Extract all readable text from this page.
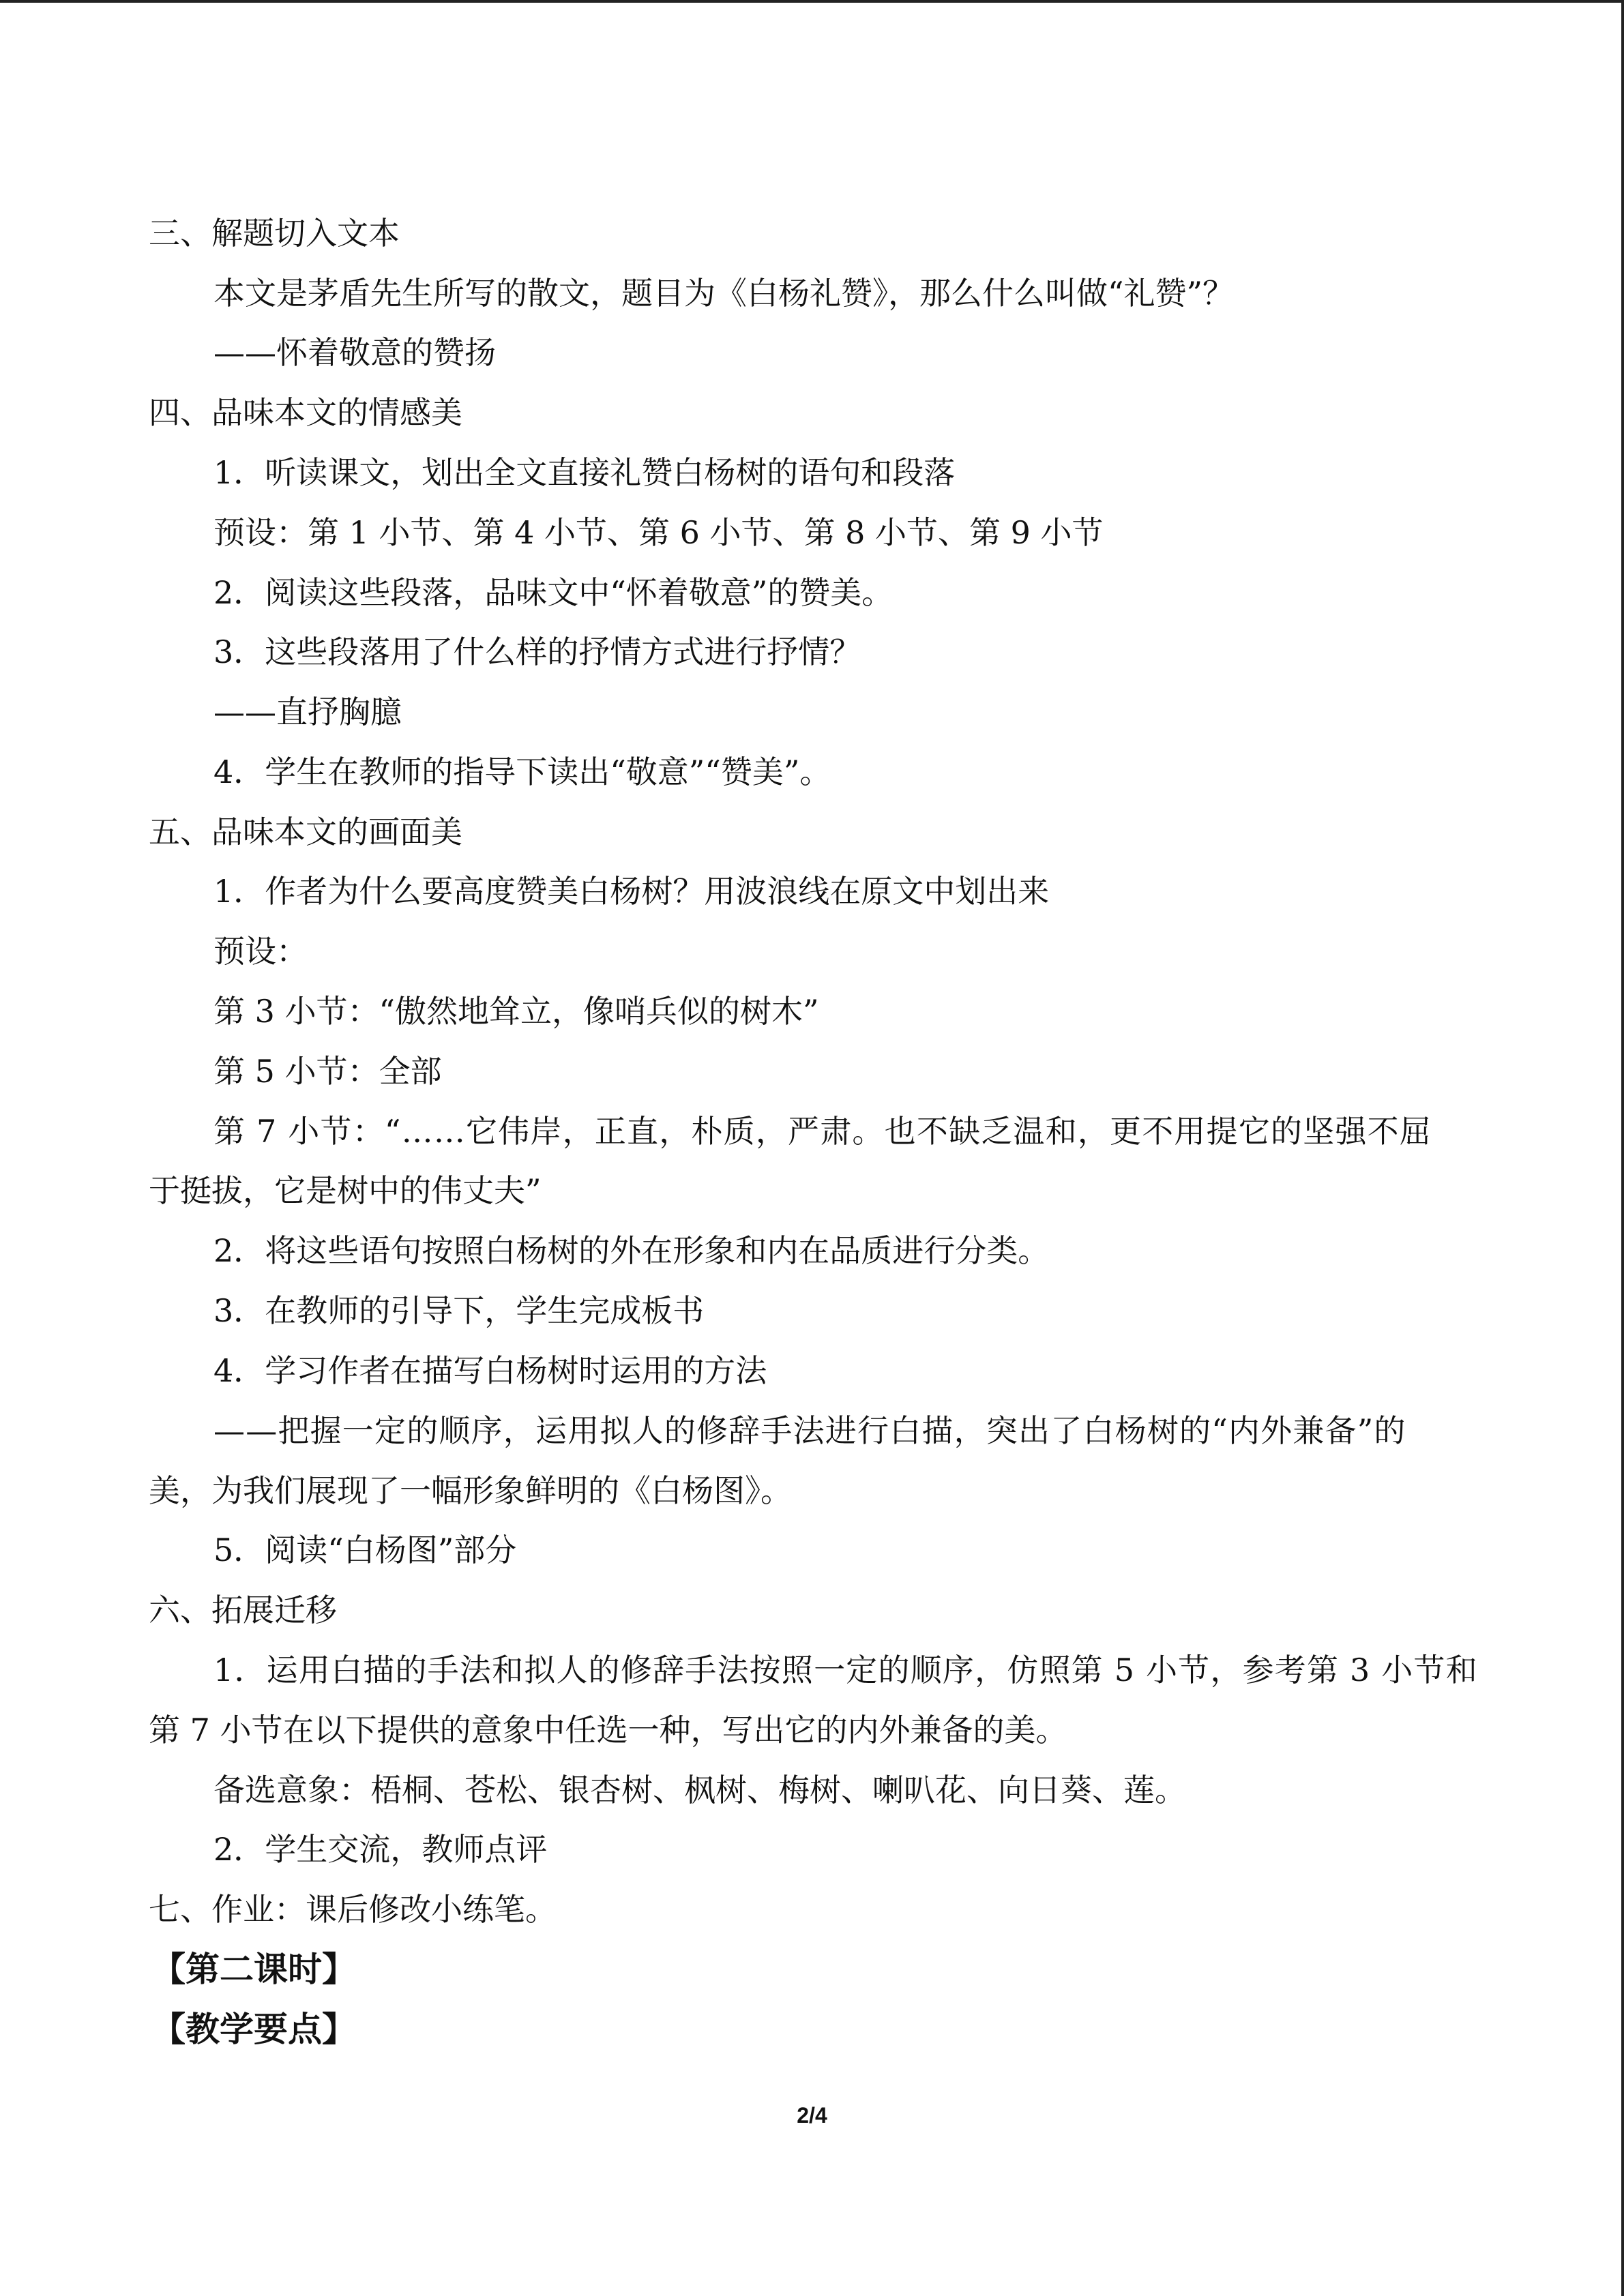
三、解题切入文本
本文是茅盾先生所写的散文，题目为《白杨礼赞》，那么什么叫做“礼赞”？
——怀着敬意的赞扬
四、品味本文的情感美
1．听读课文，划出全文直接礼赞白杨树的语句和段落
预设：第 1 小节、第 4 小节、第 6 小节、第 8 小节、第 9 小节
2．阅读这些段落，品味文中“怀着敬意”的赞美。
3．这些段落用了什么样的抒情方式进行抒情？
——直抒胸臆
4．学生在教师的指导下读出“敬意”“赞美”。
五、品味本文的画面美
1．作者为什么要高度赞美白杨树？用波浪线在原文中划出来
预设：
第 3 小节：“傲然地耸立，像哨兵似的树木”
第 5 小节：全部
第 7 小节：“……它伟岸，正直，朴质，严肃。也不缺乏温和，更不用提它的坚强不屈
于挺拔，它是树中的伟丈夫”
2．将这些语句按照白杨树的外在形象和内在品质进行分类。
3．在教师的引导下，学生完成板书
4．学习作者在描写白杨树时运用的方法
——把握一定的顺序，运用拟人的修辞手法进行白描，突出了白杨树的“内外兼备”的
美，为我们展现了一幅形象鲜明的《白杨图》。
5．阅读“白杨图”部分
六、拓展迁移
1．运用白描的手法和拟人的修辞手法按照一定的顺序，仿照第 5 小节，参考第 3 小节和
第 7 小节在以下提供的意象中任选一种，写出它的内外兼备的美。
备选意象：梧桐、苍松、银杏树、枫树、梅树、喇叭花、向日葵、莲。
2．学生交流，教师点评
七、作业：课后修改小练笔。
【第二课时】
【教学要点】
2/4
